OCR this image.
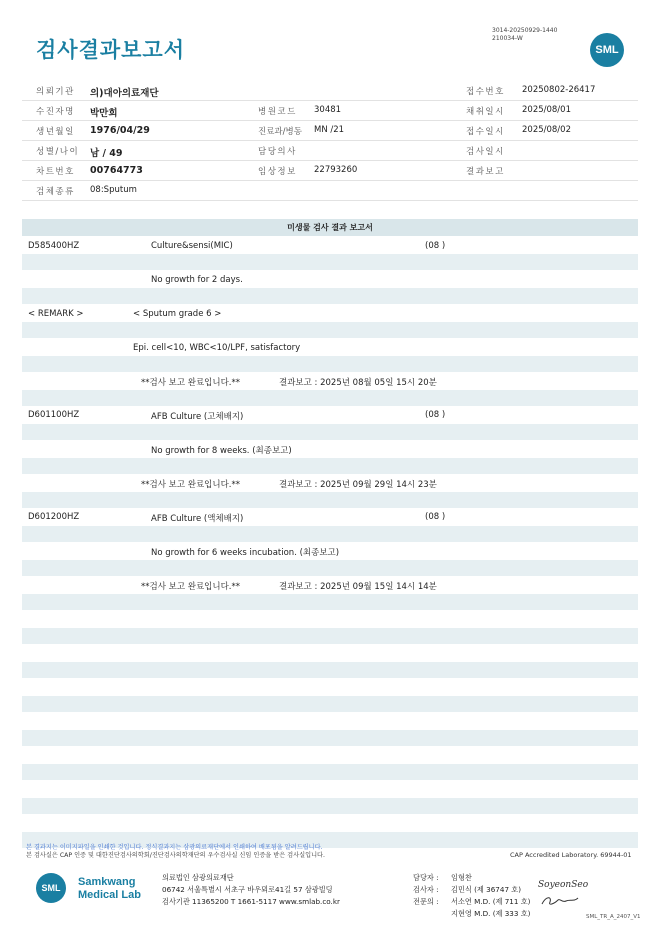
검사결과보고서
3014-20250929-1440
210034-W
SML
의뢰기관 의)대아의료재단	접수번호 20250802-26417
수진자명 박만희	병원코드 30481	채취일시 2025/08/01
생년월일 1976/04/29	진료과/병동 MN /21	접수일시 2025/08/02
성별/나이 남 / 49	담당의사	검사일시
차트번호 00764773	임상정보 22793260	결과보고
검체종류 08:Sputum
미생물 검사 결과 보고서
D585400HZ	Culture&sensi(MIC)	(08 )
No growth for 2 days.
< REMARK >	< Sputum grade 6 >
Epi. cell<10, WBC<10/LPF, satisfactory
**검사 보고 완료입니다.**	결과보고 : 2025년 08월 05일 15시 20분
D601100HZ	AFB Culture (고체배지)	(08 )
No growth for 8 weeks. (최종보고)
**검사 보고 완료입니다.**	결과보고 : 2025년 09월 29일 14시 23분
D601200HZ	AFB Culture (액체배지)	(08 )
No growth for 6 weeks incubation. (최종보고)
**검사 보고 완료입니다.**	결과보고 : 2025년 09월 15일 14시 14분
본 결과지는 이미지파일을 인쇄한 것입니다. 정식결과지는 삼광의료재단에서 인쇄하여 배포됨을 알려드립니다.
본 검사실은 CAP 인증 및 대한진단검사의학회/진단검사의학재단의 우수검사실 신임 인증을 받은 검사실입니다.	CAP Accredited Laboratory. 69944-01
SML	Samkwang
Medical Lab
의료법인 삼광의료재단
06742 서울특별시 서초구 바우뫼로41길 57 삼광빌딩
검사기관 11365200 T 1661-5117 www.smlab.co.kr
담당자 : 임형찬
검사자 : 김민식 (제 36747 호)
전문의 : 서소연 M.D. (제 711 호)
지현영 M.D. (제 333 호)
SoyeonSeo
SML_TR_A_2407_V1
